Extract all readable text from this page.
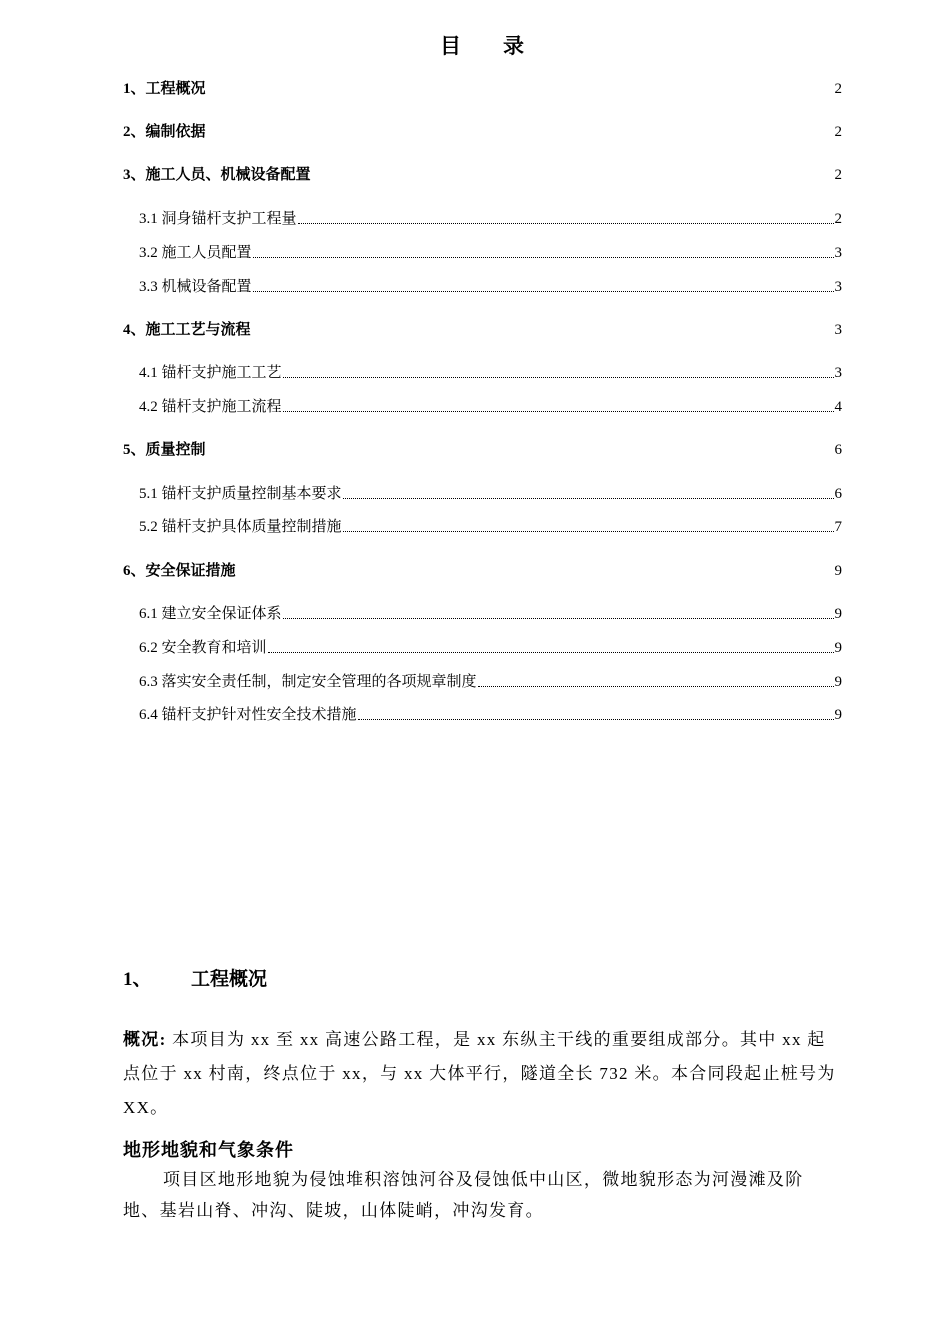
目 录
1、工程概况	2
2、编制依据	2
3、施工人员、机械设备配置	2
3.1 洞身锚杆支护工程量	2
3.2 施工人员配置	3
3.3 机械设备配置	3
4、施工工艺与流程	3
4.1 锚杆支护施工工艺	3
4.2 锚杆支护施工流程	4
5、质量控制	6
5.1 锚杆支护质量控制基本要求	6
5.2 锚杆支护具体质量控制措施	7
6、安全保证措施	9
6.1 建立安全保证体系	9
6.2 安全教育和培训	9
6.3 落实安全责任制，制定安全管理的各项规章制度	9
6.4 锚杆支护针对性安全技术措施	9
1、 工程概况
概况: 本项目为 xx 至 xx 高速公路工程，是 xx 东纵主干线的重要组成部分。其中 xx 起点位于 xx 村南，终点位于 xx，与 xx 大体平行，隧道全长 732 米。本合同段起止桩号为 XX。
地形地貌和气象条件
项目区地形地貌为侵蚀堆积溶蚀河谷及侵蚀低中山区，微地貌形态为河漫滩及阶地、基岩山脊、冲沟、陡坡，山体陡峭，冲沟发育。
